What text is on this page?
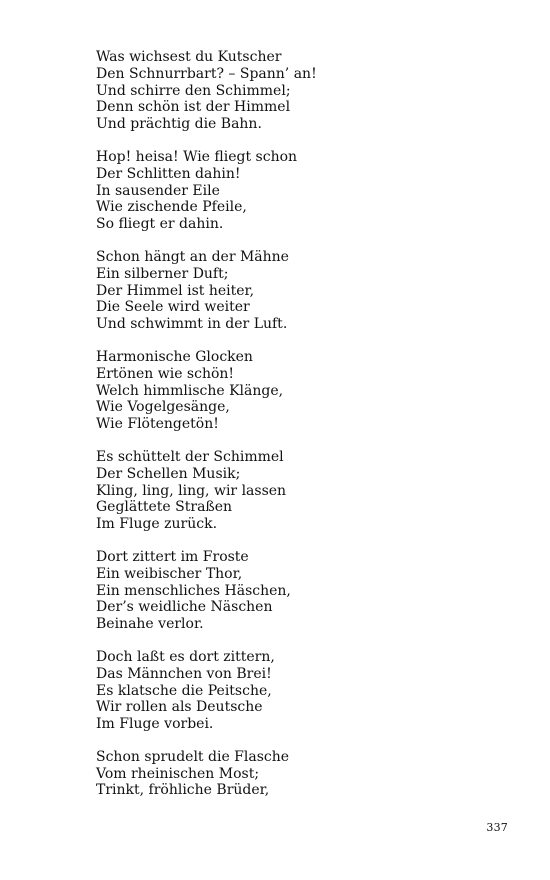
Was wichsest du Kutscher
Den Schnurrbart? – Spann’ an!
Und schirre den Schimmel;
Denn schön ist der Himmel
Und prächtig die Bahn.
Hop! heisa! Wie fliegt schon
Der Schlitten dahin!
In sausender Eile
Wie zischende Pfeile,
So fliegt er dahin.
Schon hängt an der Mähne
Ein silberner Duft;
Der Himmel ist heiter,
Die Seele wird weiter
Und schwimmt in der Luft.
Harmonische Glocken
Ertönen wie schön!
Welch himmlische Klänge,
Wie Vogelgesänge,
Wie Flötengetön!
Es schüttelt der Schimmel
Der Schellen Musik;
Kling, ling, ling, wir lassen
Geglättete Straßen
Im Fluge zurück.
Dort zittert im Froste
Ein weibischer Thor,
Ein menschliches Häschen,
Der’s weidliche Näschen
Beinahe verlor.
Doch laßt es dort zittern,
Das Männchen von Brei!
Es klatsche die Peitsche,
Wir rollen als Deutsche
Im Fluge vorbei.
Schon sprudelt die Flasche
Vom rheinischen Most;
Trinkt, fröhliche Brüder,
337
